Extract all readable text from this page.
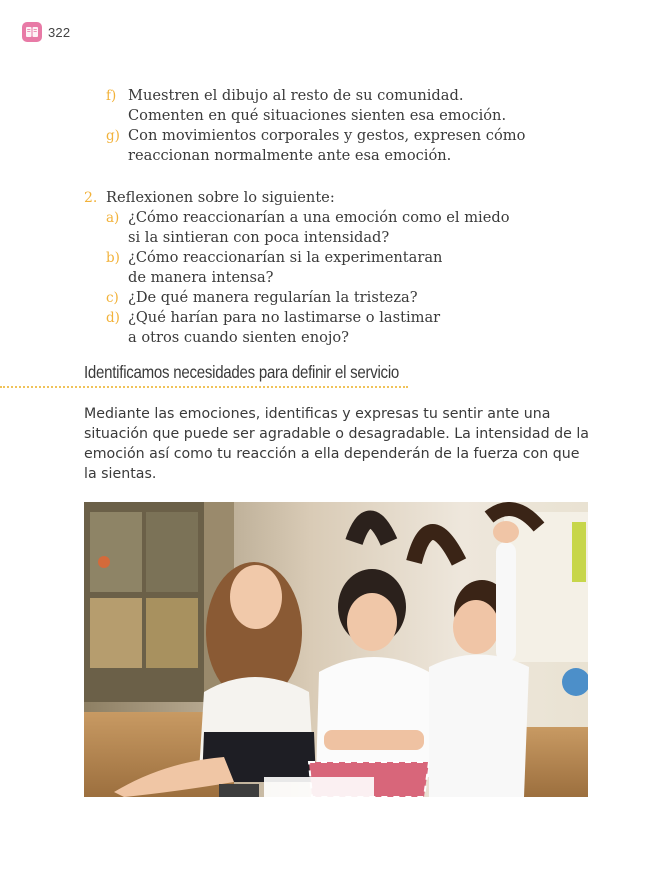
322
f) Muestren el dibujo al resto de su comunidad.
Comenten en qué situaciones sienten esa emoción.
g) Con movimientos corporales y gestos, expresen cómo
reaccionan normalmente ante esa emoción.
2. Reflexionen sobre lo siguiente:
a) ¿Cómo reaccionarían a una emoción como el miedo
si la sintieran con poca intensidad?
b) ¿Cómo reaccionarían si la experimentaran
de manera intensa?
c) ¿De qué manera regularían la tristeza?
d) ¿Qué harían para no lastimarse o lastimar
a otros cuando sienten enojo?
Identificamos necesidades para definir el servicio
Mediante las emociones, identificas y expresas tu sentir ante una
situación que puede ser agradable o desagradable. La intensidad de la
emoción así como tu reacción a ella dependerán de la fuerza con que
la sientas.
